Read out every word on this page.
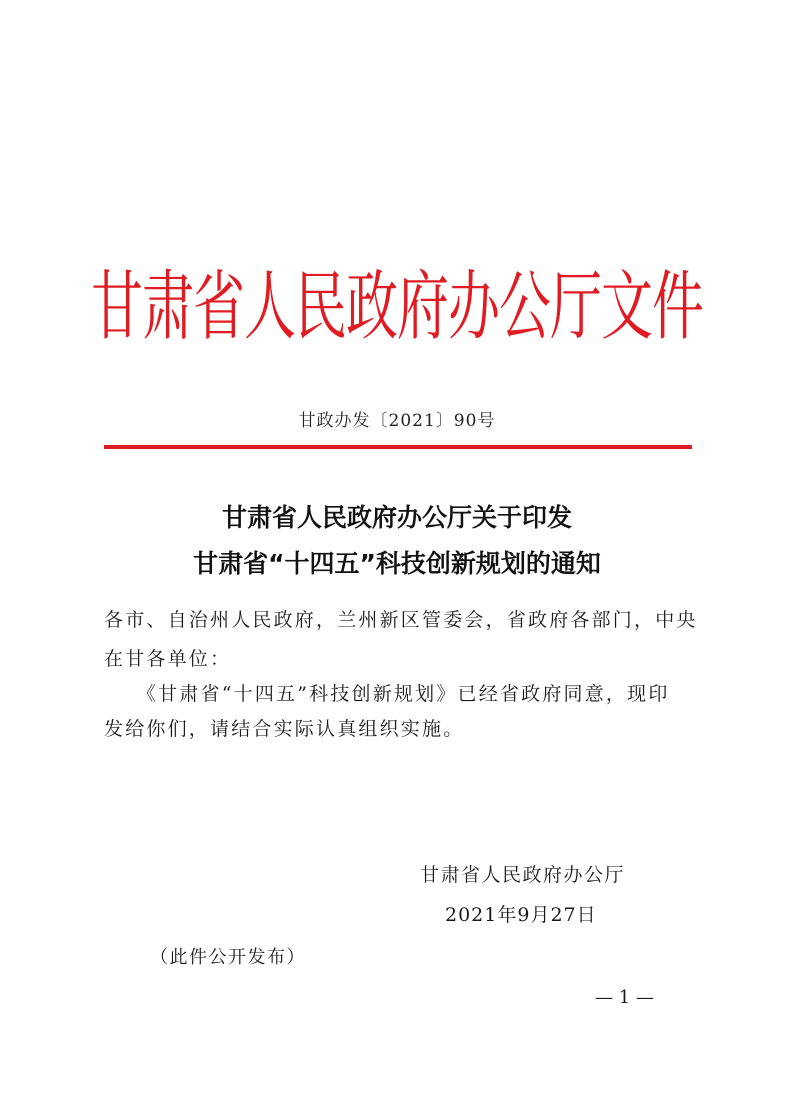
甘肃省人民政府办公厅文件
甘政办发〔2021〕90号
甘肃省人民政府办公厅关于印发
甘肃省“十四五”科技创新规划的通知
各市、自治州人民政府，兰州新区管委会，省政府各部门，中央
在甘各单位：
　　《甘肃省“十四五”科技创新规划》已经省政府同意，现印
发给你们，请结合实际认真组织实施。
甘肃省人民政府办公厅
2021年9月27日
（此件公开发布）
— 1 —
